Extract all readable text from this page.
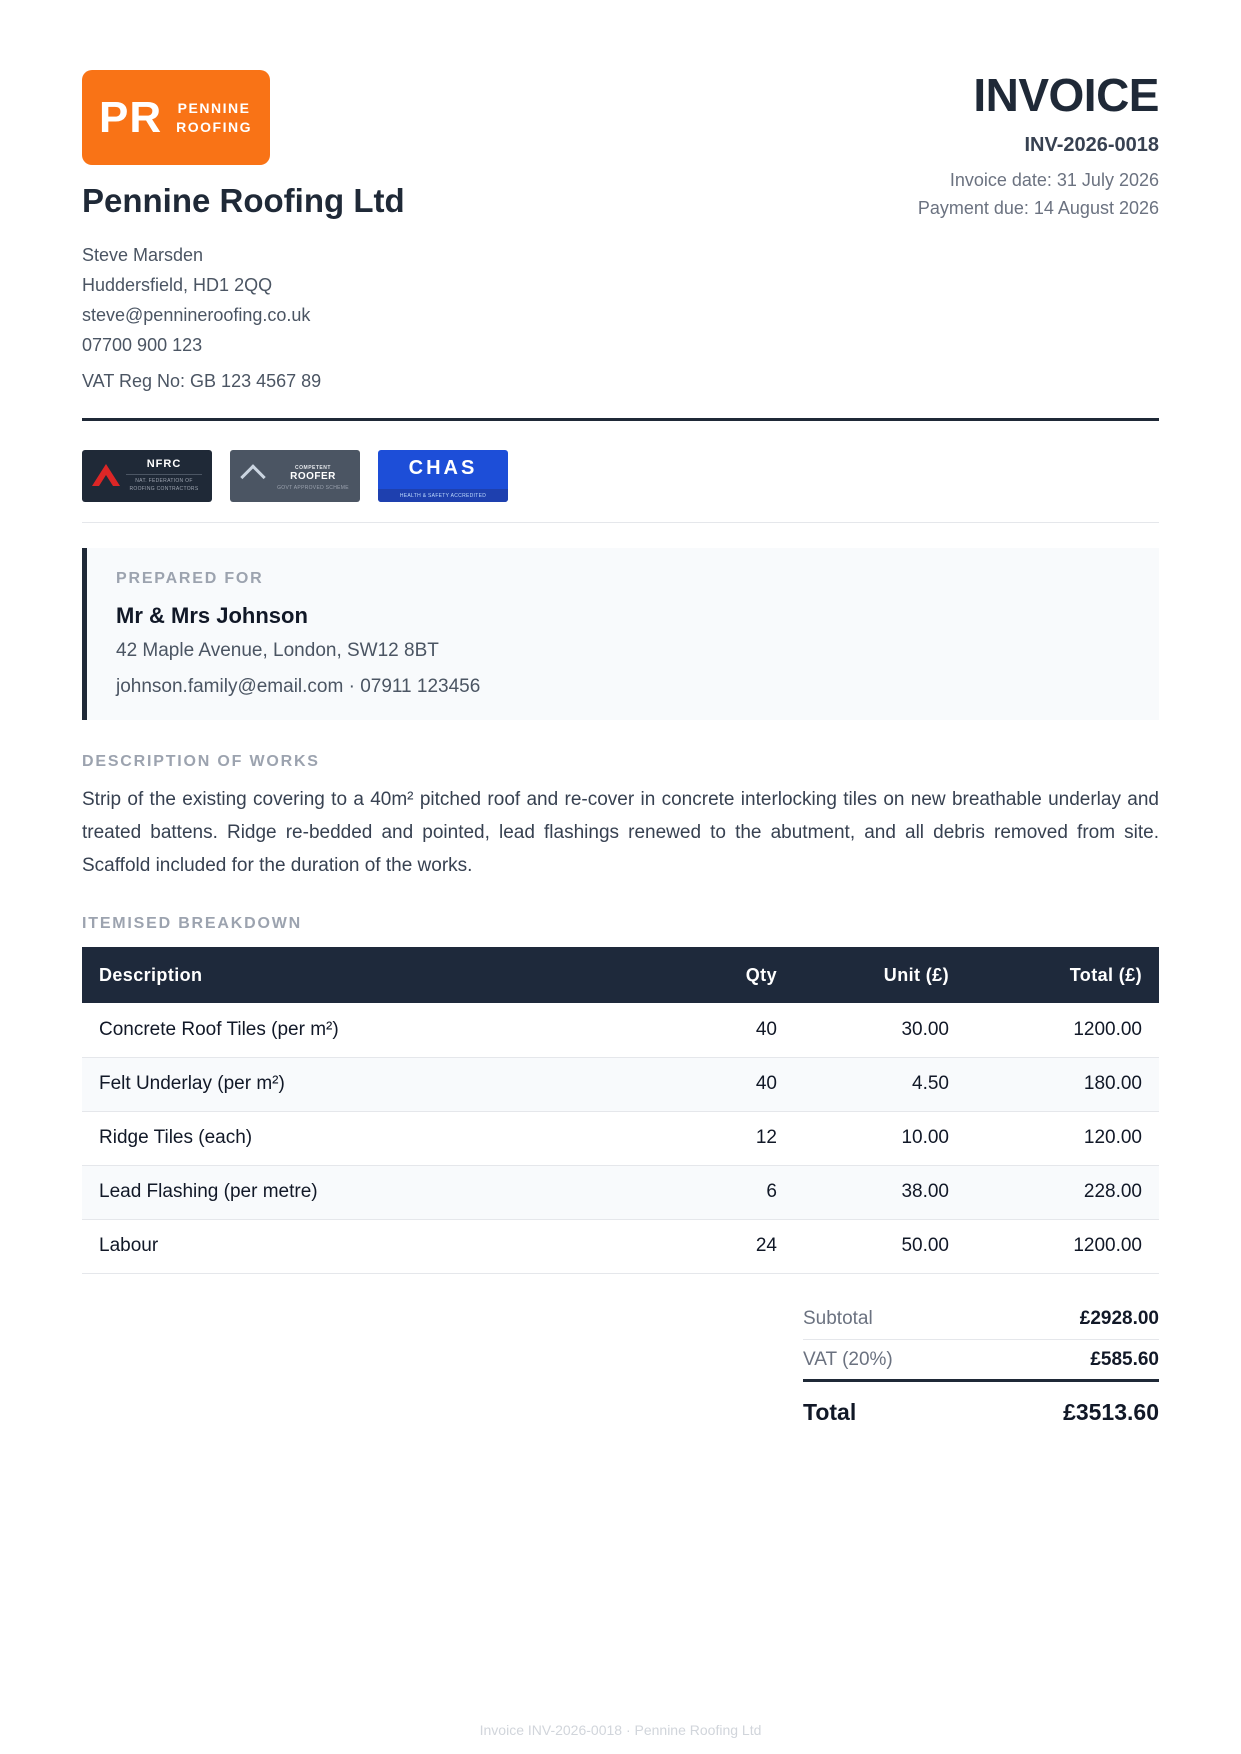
PR PENNINE
ROOFING
Pennine Roofing Ltd
Steve Marsden
Huddersfield, HD1 2QQ
steve@pennineroofing.co.uk
07700 900 123
VAT Reg No: GB 123 4567 89
INVOICE
INV-2026-0018
Invoice date: 31 July 2026
Payment due: 14 August 2026
NFRC
NAT. FEDERATION OF ROOFING CONTRACTORS
COMPETENT
ROOFER
GOVT APPROVED SCHEME
CHAS
HEALTH & SAFETY ACCREDITED
PREPARED FOR
Mr & Mrs Johnson
42 Maple Avenue, London, SW12 8BT
johnson.family@email.com · 07911 123456
DESCRIPTION OF WORKS
Strip of the existing covering to a 40m² pitched roof and re-cover in concrete interlocking tiles on new breathable underlay and treated battens. Ridge re-bedded and pointed, lead flashings renewed to the abutment, and all debris removed from site. Scaffold included for the duration of the works.
ITEMISED BREAKDOWN
Description	Qty	Unit (£)	Total (£)
Concrete Roof Tiles (per m²)	40	30.00	1200.00
Felt Underlay (per m²)	40	4.50	180.00
Ridge Tiles (each)	12	10.00	120.00
Lead Flashing (per metre)	6	38.00	228.00
Labour	24	50.00	1200.00
Subtotal	£2928.00
VAT (20%)	£585.60
Total	£3513.60
Invoice INV-2026-0018 · Pennine Roofing Ltd
